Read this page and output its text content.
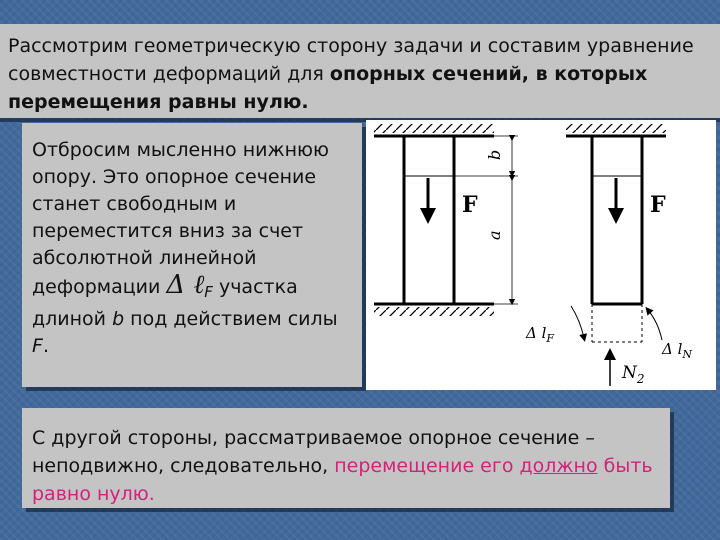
Рассмотрим геометрическую сторону задачи и составим уравнение совместности деформаций для опорных сечений, в которых перемещения равны нулю.

Отбросим мысленно нижнюю опору. Это опорное сечение станет свободным и переместится вниз за счет абсолютной линейной деформации Δ ℓ$_F$ участка длиной b под действием силы F.

F
b
a
F
Δ $l_F$
Δ $l_N$
$N_2$

С другой стороны, рассматриваемое опорное сечение – неподвижно, следовательно, перемещение его должно быть равно нулю.
